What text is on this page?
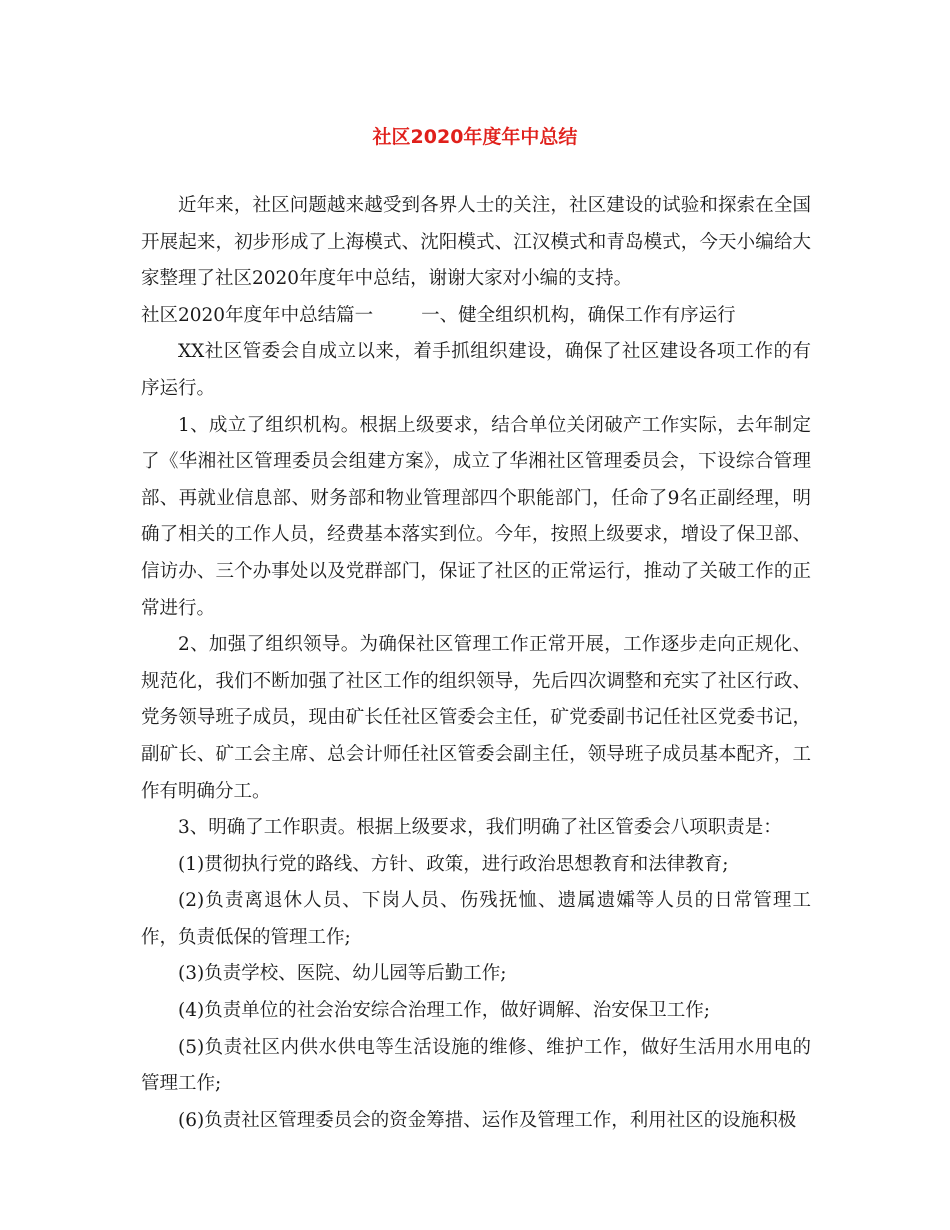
社区2020年度年中总结

近年来，社区问题越来越受到各界人士的关注，社区建设的试验和探索在全国开展起来，初步形成了上海模式、沈阳模式、江汉模式和青岛模式，今天小编给大家整理了社区2020年度年中总结，谢谢大家对小编的支持。

社区2020年度年中总结篇一	一、健全组织机构，确保工作有序运行

XX社区管委会自成立以来，着手抓组织建设，确保了社区建设各项工作的有序运行。

1、成立了组织机构。根据上级要求，结合单位关闭破产工作实际，去年制定了《华湘社区管理委员会组建方案》，成立了华湘社区管理委员会，下设综合管理部、再就业信息部、财务部和物业管理部四个职能部门，任命了9名正副经理，明确了相关的工作人员，经费基本落实到位。今年，按照上级要求，增设了保卫部、信访办、三个办事处以及党群部门，保证了社区的正常运行，推动了关破工作的正常进行。

2、加强了组织领导。为确保社区管理工作正常开展，工作逐步走向正规化、规范化，我们不断加强了社区工作的组织领导，先后四次调整和充实了社区行政、党务领导班子成员，现由矿长任社区管委会主任，矿党委副书记任社区党委书记，副矿长、矿工会主席、总会计师任社区管委会副主任，领导班子成员基本配齐，工作有明确分工。

3、明确了工作职责。根据上级要求，我们明确了社区管委会八项职责是：

(1)贯彻执行党的路线、方针、政策，进行政治思想教育和法律教育;

(2)负责离退休人员、下岗人员、伤残抚恤、遗属遗孀等人员的日常管理工作，负责低保的管理工作;

(3)负责学校、医院、幼儿园等后勤工作;

(4)负责单位的社会治安综合治理工作，做好调解、治安保卫工作;

(5)负责社区内供水供电等生活设施的维修、维护工作，做好生活用水用电的管理工作;

(6)负责社区管理委员会的资金筹措、运作及管理工作，利用社区的设施积极
